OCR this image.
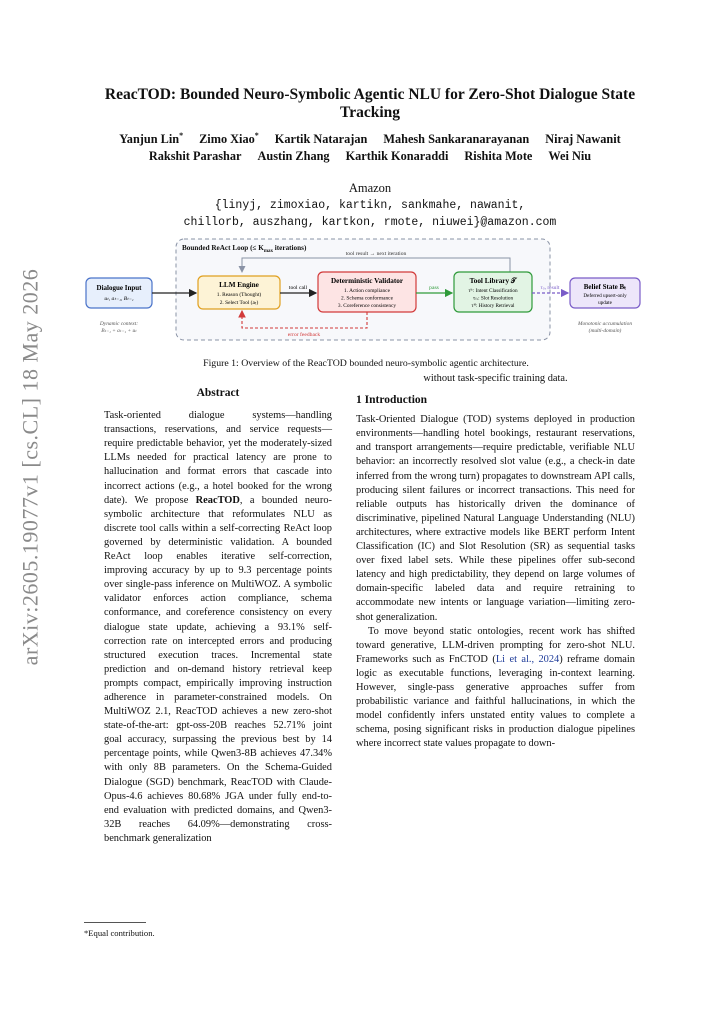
arXiv:2605.19077v1 [cs.CL] 18 May 2026
ReacTOD: Bounded Neuro-Symbolic Agentic NLU for Zero-Shot Dialogue State Tracking
Yanjun Lin* Zimo Xiao* Kartik Natarajan Mahesh Sankaranarayanan Niraj Nawanit
Rakshit Parashar Austin Zhang Karthik Konaraddi Rishita Mote Wei Niu
Amazon
{linyj, zimoxiao, kartikn, sankmahe, nawanit,
chillorb, auszhang, kartkon, rmote, niuwei}@amazon.com
Bounded ReAct Loop (≤ $K_{max}$ iterations)
tool result → next iteration
Dialogue Input
uₜ, aₜ₋₁, Bₜ₋₁
LLM Engine
1. Reason (Thought)
2. Select Tool (aₜ)
tool call
Deterministic Validator
1. Action compliance
2. Schema conformance
3. Coreference consistency
pass
Tool Library 𝒯
τᴵᶜ: Intent Classification
τₛᵣ: Slot Resolution
τᴴ: History Retrieval
τₛᵣ result	Belief State Bₜ
Deferred upsert-only
update
error feedback
Dynamic context:
Bₜ₋₁ + aₜ₋₁ + uₜ
Monotonic accumulation
(multi-domain)
Figure 1: Overview of the ReacTOD bounded neuro-symbolic agentic architecture.
Abstract

Task-oriented dialogue systems—handling transactions, reservations, and service requests—require predictable behavior, yet the moderately-sized LLMs needed for practical latency are prone to hallucination and format errors that cascade into incorrect actions (e.g., a hotel booked for the wrong date). We propose ReacTOD, a bounded neuro-symbolic architecture that reformulates NLU as discrete tool calls within a self-correcting ReAct loop governed by deterministic validation. A bounded ReAct loop enables iterative self-correction, improving accuracy by up to 9.3 percentage points over single-pass inference on MultiWOZ. A symbolic validator enforces action compliance, schema conformance, and coreference consistency on every dialogue state update, achieving a 93.1% self-correction rate on intercepted errors and producing structured execution traces. Incremental state prediction and on-demand history retrieval keep prompts compact, empirically improving instruction adherence in parameter-constrained models. On MultiWOZ 2.1, ReacTOD achieves a new zero-shot state-of-the-art: gpt-oss-20B reaches 52.71% joint goal accuracy, surpassing the previous best by 14 percentage points, while Qwen3-8B achieves 47.34% with only 8B parameters. On the Schema-Guided Dialogue (SGD) benchmark, ReacTOD with Claude-Opus-4.6 achieves 80.68% JGA under fully end-to-end evaluation with predicted domains, and Qwen3-32B reaches 64.09%—demonstrating cross-benchmark generalization

without task-specific training data.

1 Introduction

Task-Oriented Dialogue (TOD) systems deployed in production environments—handling hotel bookings, restaurant reservations, and transport arrangements—require predictable, verifiable NLU behavior: an incorrectly resolved slot value (e.g., a check-in date inferred from the wrong turn) propagates to downstream API calls, producing silent failures or incorrect transactions. This need for reliable outputs has historically driven the dominance of discriminative, pipelined Natural Language Understanding (NLU) architectures, where extractive models like BERT perform Intent Classification (IC) and Slot Resolution (SR) as sequential tasks over fixed label sets. While these pipelines offer sub-second latency and high predictability, they depend on large volumes of domain-specific labeled data and require retraining to accommodate new intents or language variation—limiting zero-shot generalization.

To move beyond static ontologies, recent work has shifted toward generative, LLM-driven prompting for zero-shot NLU. Frameworks such as FnCTOD (Li et al., 2024) reframe domain logic as executable functions, leveraging in-context learning. However, single-pass generative approaches suffer from probabilistic variance and faithful hallucinations, in which the model confidently infers unstated entity values to complete a schema, posing significant risks in production dialogue pipelines where incorrect state values propagate to down-

*Equal contribution.
